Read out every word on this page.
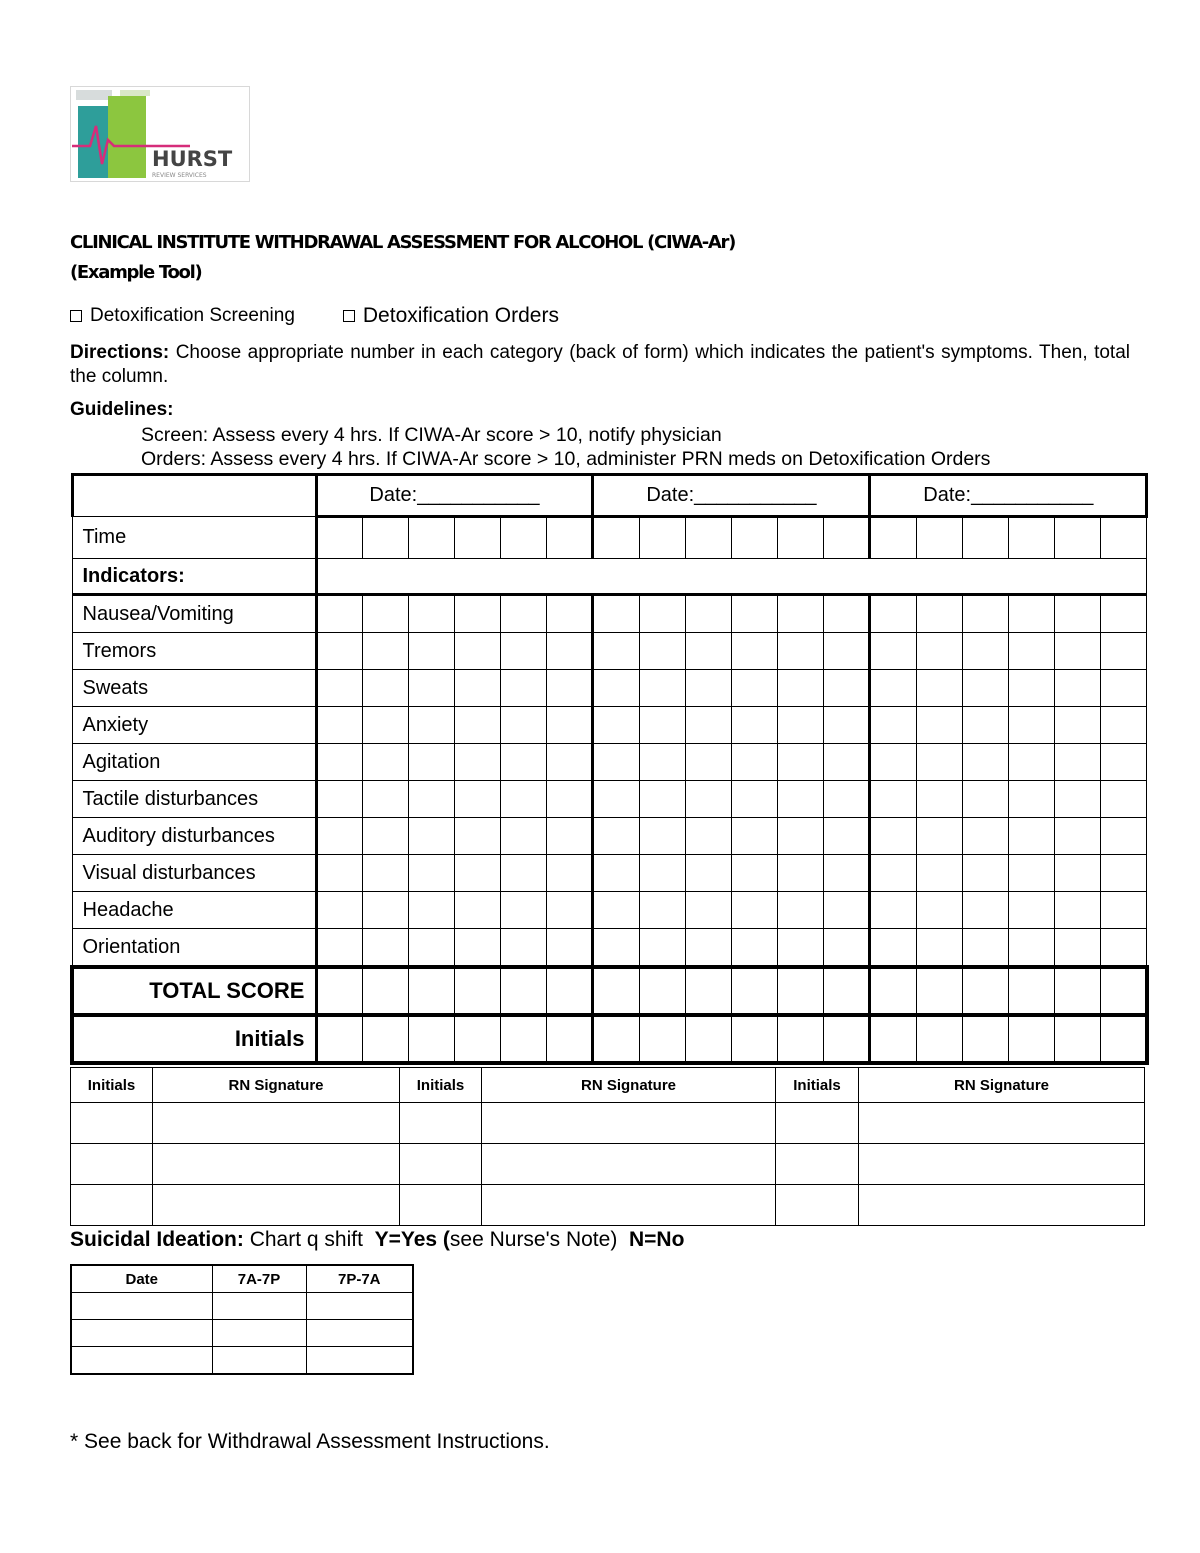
HURST
REVIEW SERVICES
CLINICAL INSTITUTE WITHDRAWAL ASSESSMENT FOR ALCOHOL (CIWA-Ar)
(Example Tool)
Detoxification Screening	Detoxification Orders
Directions: Choose appropriate number in each category (back of form) which indicates the patient's symptoms. Then, total the column.
Guidelines:
Screen: Assess every 4 hrs. If CIWA-Ar score > 10, notify physician
Orders: Assess every 4 hrs. If CIWA-Ar score > 10, administer PRN meds on Detoxification Orders
	Date:___________						Date:___________						Date:___________					
Time																		
Indicators:																		
Nausea/Vomiting																		
Tremors																		
Sweats																		
Anxiety																		
Agitation																		
Tactile disturbances																		
Auditory disturbances																		
Visual disturbances																		
Headache																		
Orientation																		
TOTAL SCORE																		
Initials																		
Initials	RN Signature	Initials	RN Signature	Initials	RN Signature

Suicidal Ideation: Chart q shift Y=Yes (see Nurse's Note) N=No
Date	7A-7P	7P-7A

* See back for Withdrawal Assessment Instructions.
